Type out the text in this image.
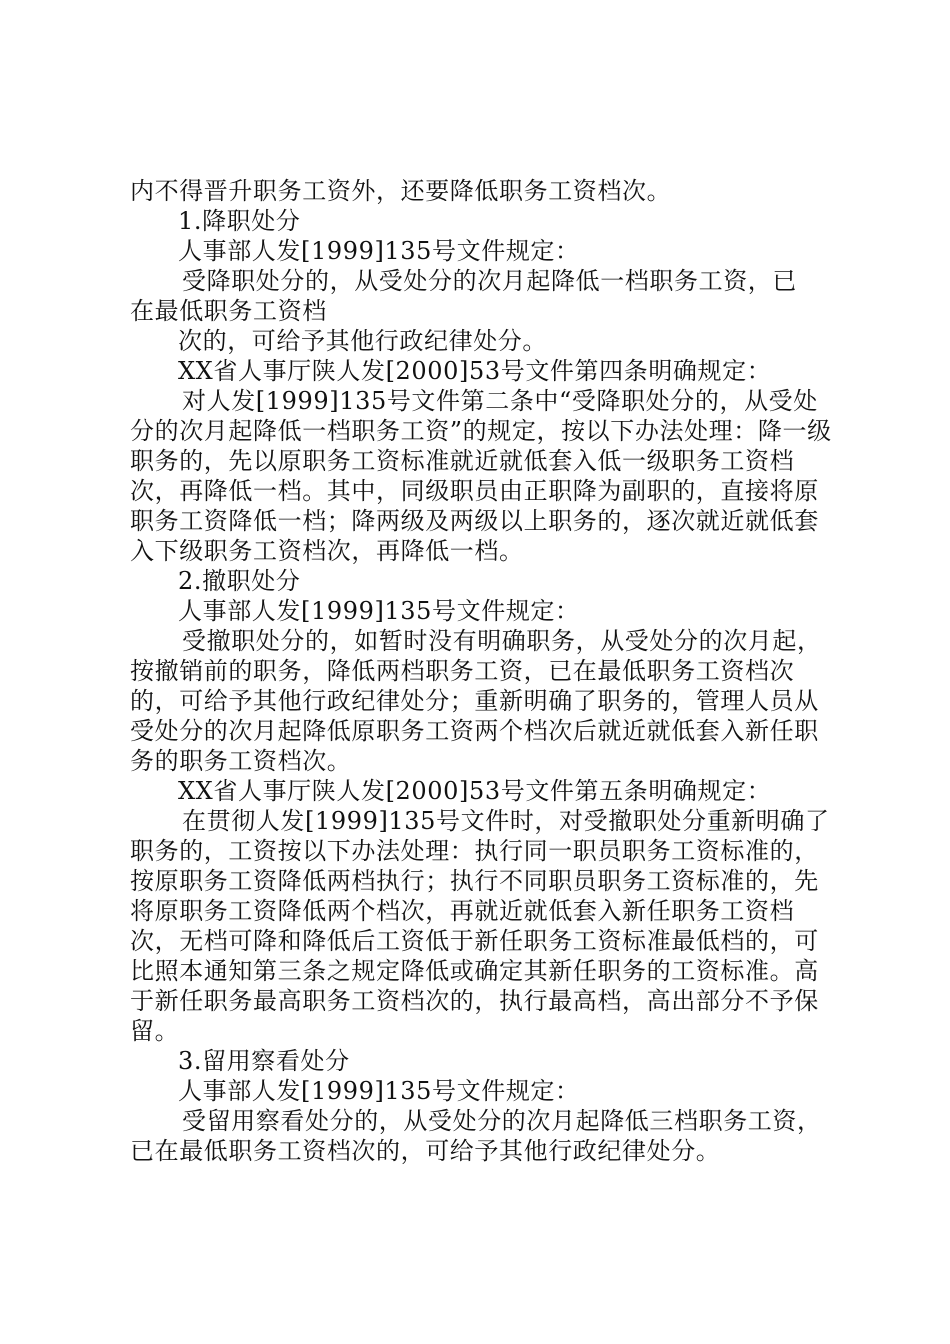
内不得晋升职务工资外，还要降低职务工资档次。

1.降职处分

人事部人发[1999]135号文件规定：

受降职处分的，从受处分的次月起降低一档职务工资，已
在最低职务工资档

次的，可给予其他行政纪律处分。

XX省人事厅陕人发[2000]53号文件第四条明确规定：

对人发[1999]135号文件第二条中“受降职处分的，从受处分的次月起降低一档职务工资”的规定，按以下办法处理：降一级职务的，先以原职务工资标准就近就低套入低一级职务工资档次，再降低一档。其中，同级职员由正职降为副职的，直接将原职务工资降低一档；降两级及两级以上职务的，逐次就近就低套入下级职务工资档次，再降低一档。

2.撤职处分

人事部人发[1999]135号文件规定：

受撤职处分的，如暂时没有明确职务，从受处分的次月起，按撤销前的职务，降低两档职务工资，已在最低职务工资档次的，可给予其他行政纪律处分；重新明确了职务的，管理人员从受处分的次月起降低原职务工资两个档次后就近就低套入新任职务的职务工资档次。

XX省人事厅陕人发[2000]53号文件第五条明确规定：

在贯彻人发[1999]135号文件时，对受撤职处分重新明确了职务的，工资按以下办法处理：执行同一职员职务工资标准的，按原职务工资降低两档执行；执行不同职员职务工资标准的，先将原职务工资降低两个档次，再就近就低套入新任职务工资档次，无档可降和降低后工资低于新任职务工资标准最低档的，可比照本通知第三条之规定降低或确定其新任职务的工资标准。高于新任职务最高职务工资档次的，执行最高档，高出部分不予保留。

3.留用察看处分

人事部人发[1999]135号文件规定：

受留用察看处分的，从受处分的次月起降低三档职务工资，已在最低职务工资档次的，可给予其他行政纪律处分。
